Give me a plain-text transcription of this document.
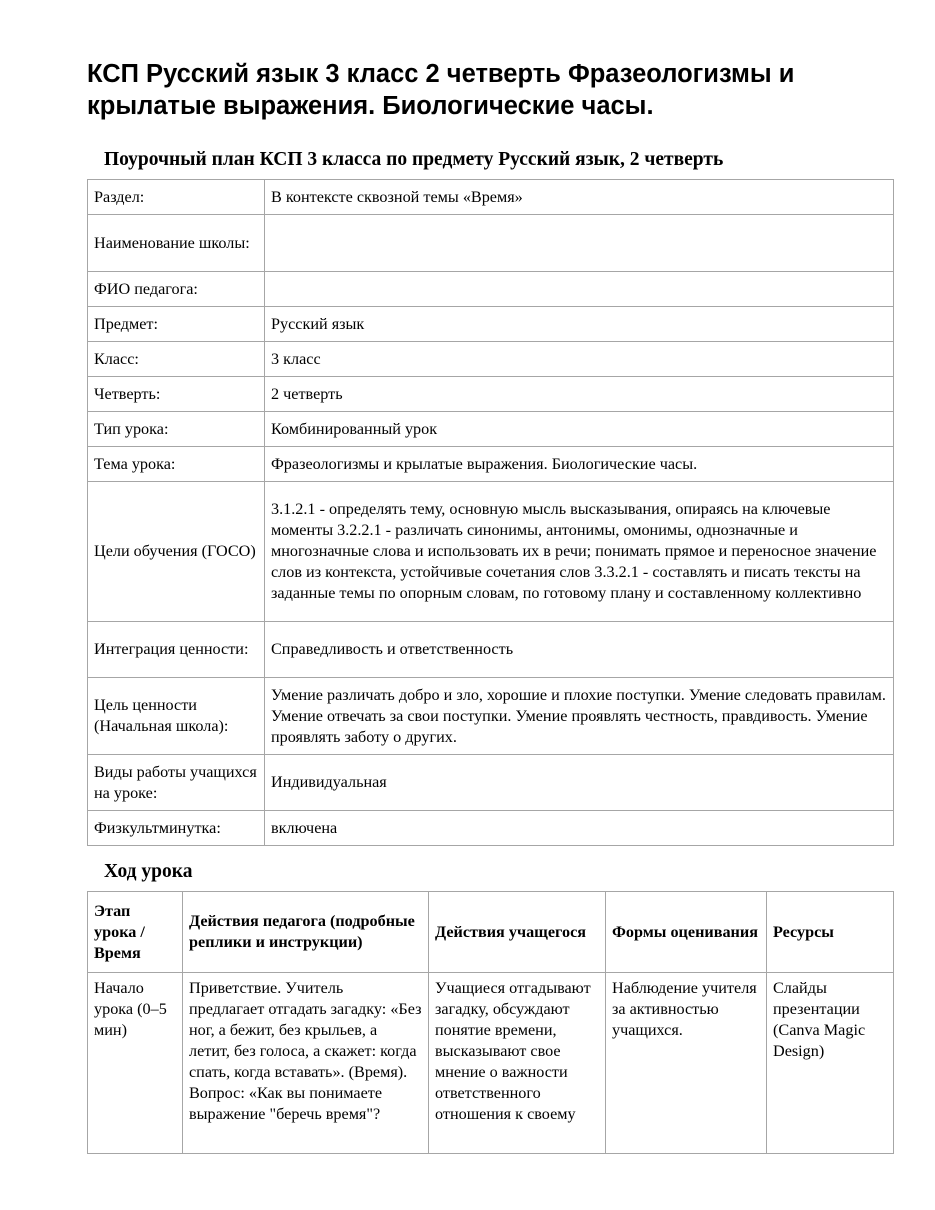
КСП Русский язык 3 класс 2 четверть Фразеологизмы и крылатые выражения. Биологические часы.
Поурочный план КСП 3 класса по предмету Русский язык, 2 четверть
Раздел:	В контексте сквозной темы «Время»
Наименование школы:	
ФИО педагога:	
Предмет:	Русский язык
Класс:	3 класс
Четверть:	2 четверть
Тип урока:	Комбинированный урок
Тема урока:	Фразеологизмы и крылатые выражения. Биологические часы.
Цели обучения (ГОСО)	3.1.2.1 - определять тему, основную мысль высказывания, опираясь на ключевые моменты 3.2.2.1 - различать синонимы, антонимы, омонимы, однозначные и многозначные слова и использовать их в речи; понимать прямое и переносное значение слов из контекста, устойчивые сочетания слов 3.3.2.1 - составлять и писать тексты на заданные темы по опорным словам, по готовому плану и составленному коллективно
Интеграция ценности:	Справедливость и ответственность
Цель ценности (Начальная школа):	Умение различать добро и зло, хорошие и плохие поступки. Умение следовать правилам. Умение отвечать за свои поступки. Умение проявлять честность, правдивость. Умение проявлять заботу о других.
Виды работы учащихся на уроке:	Индивидуальная
Физкультминутка:	включена
Ход урока
Этап урока / Время	Действия педагога (подробные реплики и инструкции)	Действия учащегося	Формы оценивания	Ресурсы
Начало урока (0–5 мин)	Приветствие. Учитель предлагает отгадать загадку: «Без ног, а бежит, без крыльев, а летит, без голоса, а скажет: когда спать, когда вставать». (Время). Вопрос: «Как вы понимаете выражение "беречь время"?	Учащиеся отгадывают загадку, обсуждают понятие времени, высказывают свое мнение о важности ответственного отношения к своему	Наблюдение учителя за активностью учащихся.	Слайды презентации (Canva Magic Design)
